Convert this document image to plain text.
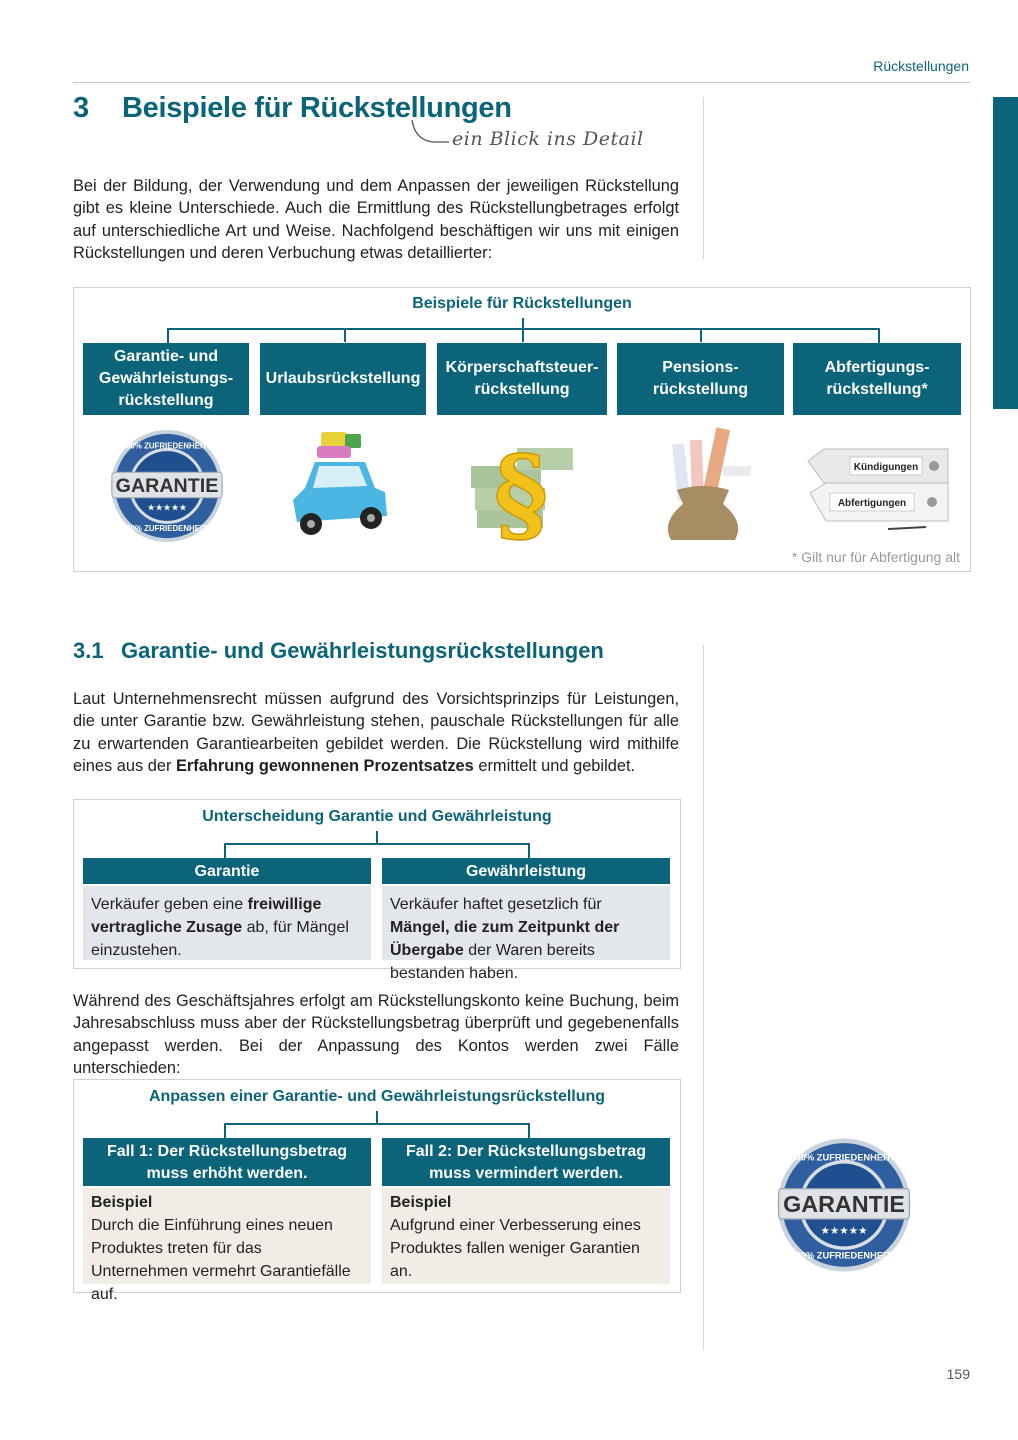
Rückstellungen
3 Beispiele für Rückstellungen
ein Blick ins Detail
Bei der Bildung, der Verwendung und dem Anpassen der jeweiligen Rückstellung gibt es kleine Unterschiede. Auch die Ermittlung des Rückstellungbetrages erfolgt auf unterschiedliche Art und Weise. Nachfolgend beschäftigen wir uns mit einigen Rückstellungen und deren Verbuchung etwas detaillierter:
Beispiele für Rückstellungen
Garantie- und
Gewährleistungs-
rückstellung
Urlaubsrückstellung
Körperschaftsteuer-
rückstellung
Pensions-
rückstellung
Abfertigungs-
rückstellung*
GARANTIE
★★★★★
100% ZUFRIEDENHEITS
100% ZUFRIEDENHEITS	§	Kündigungen
Abfertigungen
* Gilt nur für Abfertigung alt
3.1 Garantie- und Gewährleistungsrückstellungen
Laut Unternehmensrecht müssen aufgrund des Vorsichtsprinzips für Leistungen, die unter Garantie bzw. Gewährleistung stehen, pauschale Rückstellungen für alle zu erwartenden Garantiearbeiten gebildet werden. Die Rückstellung wird mithilfe eines aus der Erfahrung gewonnenen Prozentsatzes ermittelt und gebildet.
Unterscheidung Garantie und Gewährleistung
Garantie	Gewährleistung
Verkäufer geben eine freiwillige vertragliche Zusage ab, für Mängel einzustehen.
Verkäufer haftet gesetzlich für Mängel, die zum Zeitpunkt der Übergabe der Waren bereits bestanden haben.
Während des Geschäftsjahres erfolgt am Rückstellungskonto keine Buchung, beim Jahresabschluss muss aber der Rückstellungsbetrag überprüft und gegebenenfalls angepasst werden. Bei der Anpassung des Kontos werden zwei Fälle unterschieden:
Anpassen einer Garantie- und Gewährleistungsrückstellung
Fall 1: Der Rückstellungsbetrag
muss erhöht werden.
Fall 2: Der Rückstellungsbetrag
muss vermindert werden.
Beispiel
Durch die Einführung eines neuen Produktes treten für das Unternehmen vermehrt Garantiefälle auf.
Beispiel
Aufgrund einer Verbesserung eines Produktes fallen weniger Garantien an.
GARANTIE
★★★★★
100% ZUFRIEDENHEITS
100% ZUFRIEDENHEITS
159
